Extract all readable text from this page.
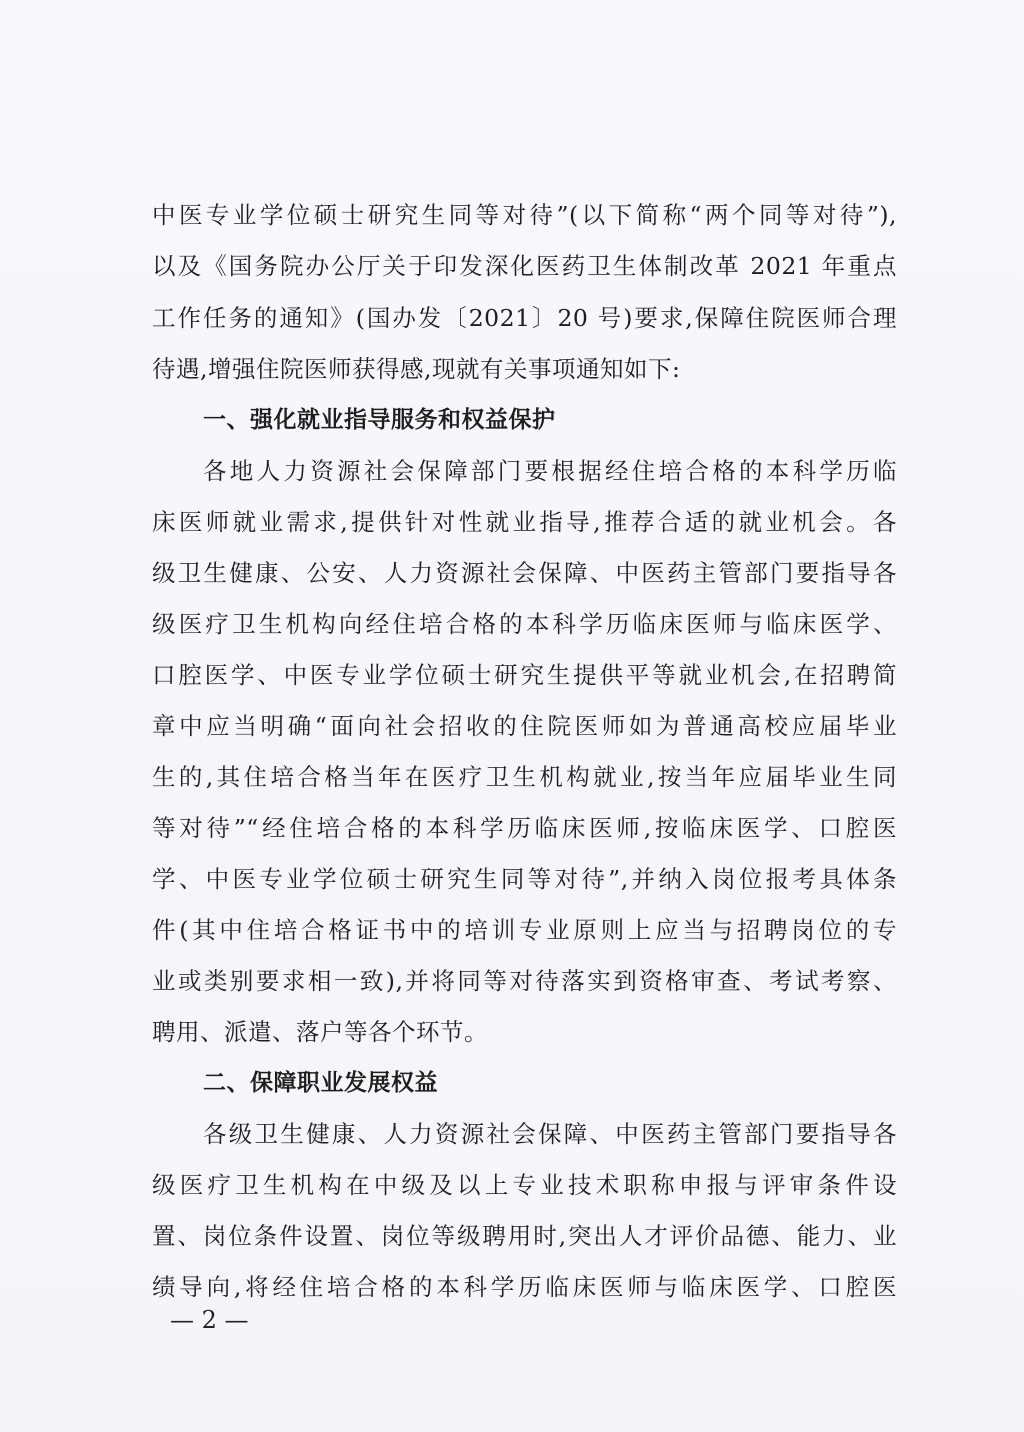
中医专业学位硕士研究生同等对待”(以下简称“两个同等对待”),
以及《国务院办公厅关于印发深化医药卫生体制改革 2021 年重点
工作任务的通知》(国办发〔2021〕20 号)要求,保障住院医师合理
待遇,增强住院医师获得感,现就有关事项通知如下:
一、强化就业指导服务和权益保护
各地人力资源社会保障部门要根据经住培合格的本科学历临
床医师就业需求,提供针对性就业指导,推荐合适的就业机会。各
级卫生健康、公安、人力资源社会保障、中医药主管部门要指导各
级医疗卫生机构向经住培合格的本科学历临床医师与临床医学、
口腔医学、中医专业学位硕士研究生提供平等就业机会,在招聘简
章中应当明确“面向社会招收的住院医师如为普通高校应届毕业
生的,其住培合格当年在医疗卫生机构就业,按当年应届毕业生同
等对待”“经住培合格的本科学历临床医师,按临床医学、口腔医
学、中医专业学位硕士研究生同等对待”,并纳入岗位报考具体条
件(其中住培合格证书中的培训专业原则上应当与招聘岗位的专
业或类别要求相一致),并将同等对待落实到资格审查、考试考察、
聘用、派遣、落户等各个环节。
二、保障职业发展权益
各级卫生健康、人力资源社会保障、中医药主管部门要指导各
级医疗卫生机构在中级及以上专业技术职称申报与评审条件设
置、岗位条件设置、岗位等级聘用时,突出人才评价品德、能力、业
绩导向,将经住培合格的本科学历临床医师与临床医学、口腔医
— 2 —
